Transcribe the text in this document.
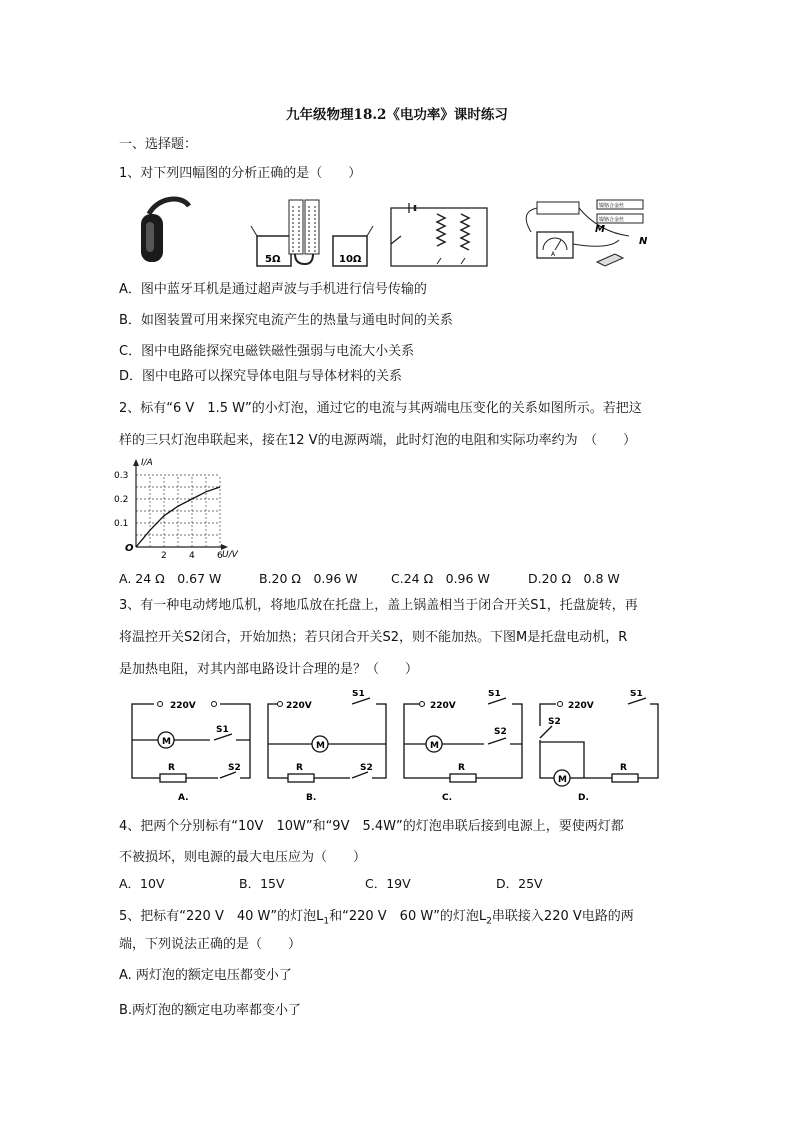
九年级物理18.2《电功率》课时练习
一、选择题：
1、对下列四幅图的分析正确的是（　　）
5Ω	10Ω
镍铬合金丝
镍铬合金丝
A
M
N
A．图中蓝牙耳机是通过超声波与手机进行信号传输的
B．如图装置可用来探究电流产生的热量与通电时间的关系
C．图中电路能探究电磁铁磁性强弱与电流大小关系
D．图中电路可以探究导体电阻与导体材料的关系
2、标有“6 V　1.5 W”的小灯泡，通过它的电流与其两端电压变化的关系如图所示。若把这
样的三只灯泡串联起来，接在12 V的电源两端，此时灯泡的电阻和实际功率约为　（　　）
2 4 6
0.1
0.2
0.3
I/A
U/V
O
A. 24 Ω　0.67 W	B.20 Ω　0.96 W	C.24 Ω　0.96 W	D.20 Ω　0.8 W
3、有一种电动烤地瓜机，将地瓜放在托盘上，盖上锅盖相当于闭合开关S1，托盘旋转，再
将温控开关S2闭合，开始加热；若只闭合开关S2，则不能加热。下图M是托盘电动机，R
是加热电阻，对其内部电路设计合理的是？（　　）
220V
M
S1
R	S2
A.
220V
S1
M
R	S2
B.
220V
S1
M
S2
R
C.
220V
S1
S2
M
R
D.
4、把两个分别标有“10V　10W”和“9V　5.4W”的灯泡串联后接到电源上，要使两灯都
不被损坏，则电源的最大电压应为（　　）
A．10V	B．15V	C．19V	D．25V
5、把标有“220 V　40 W”的灯泡$L_1$和“220 V　60 W”的灯泡$L_2$串联接入220 V电路的两
端，下列说法正确的是（　　）
A. 两灯泡的额定电压都变小了
B.两灯泡的额定电功率都变小了
